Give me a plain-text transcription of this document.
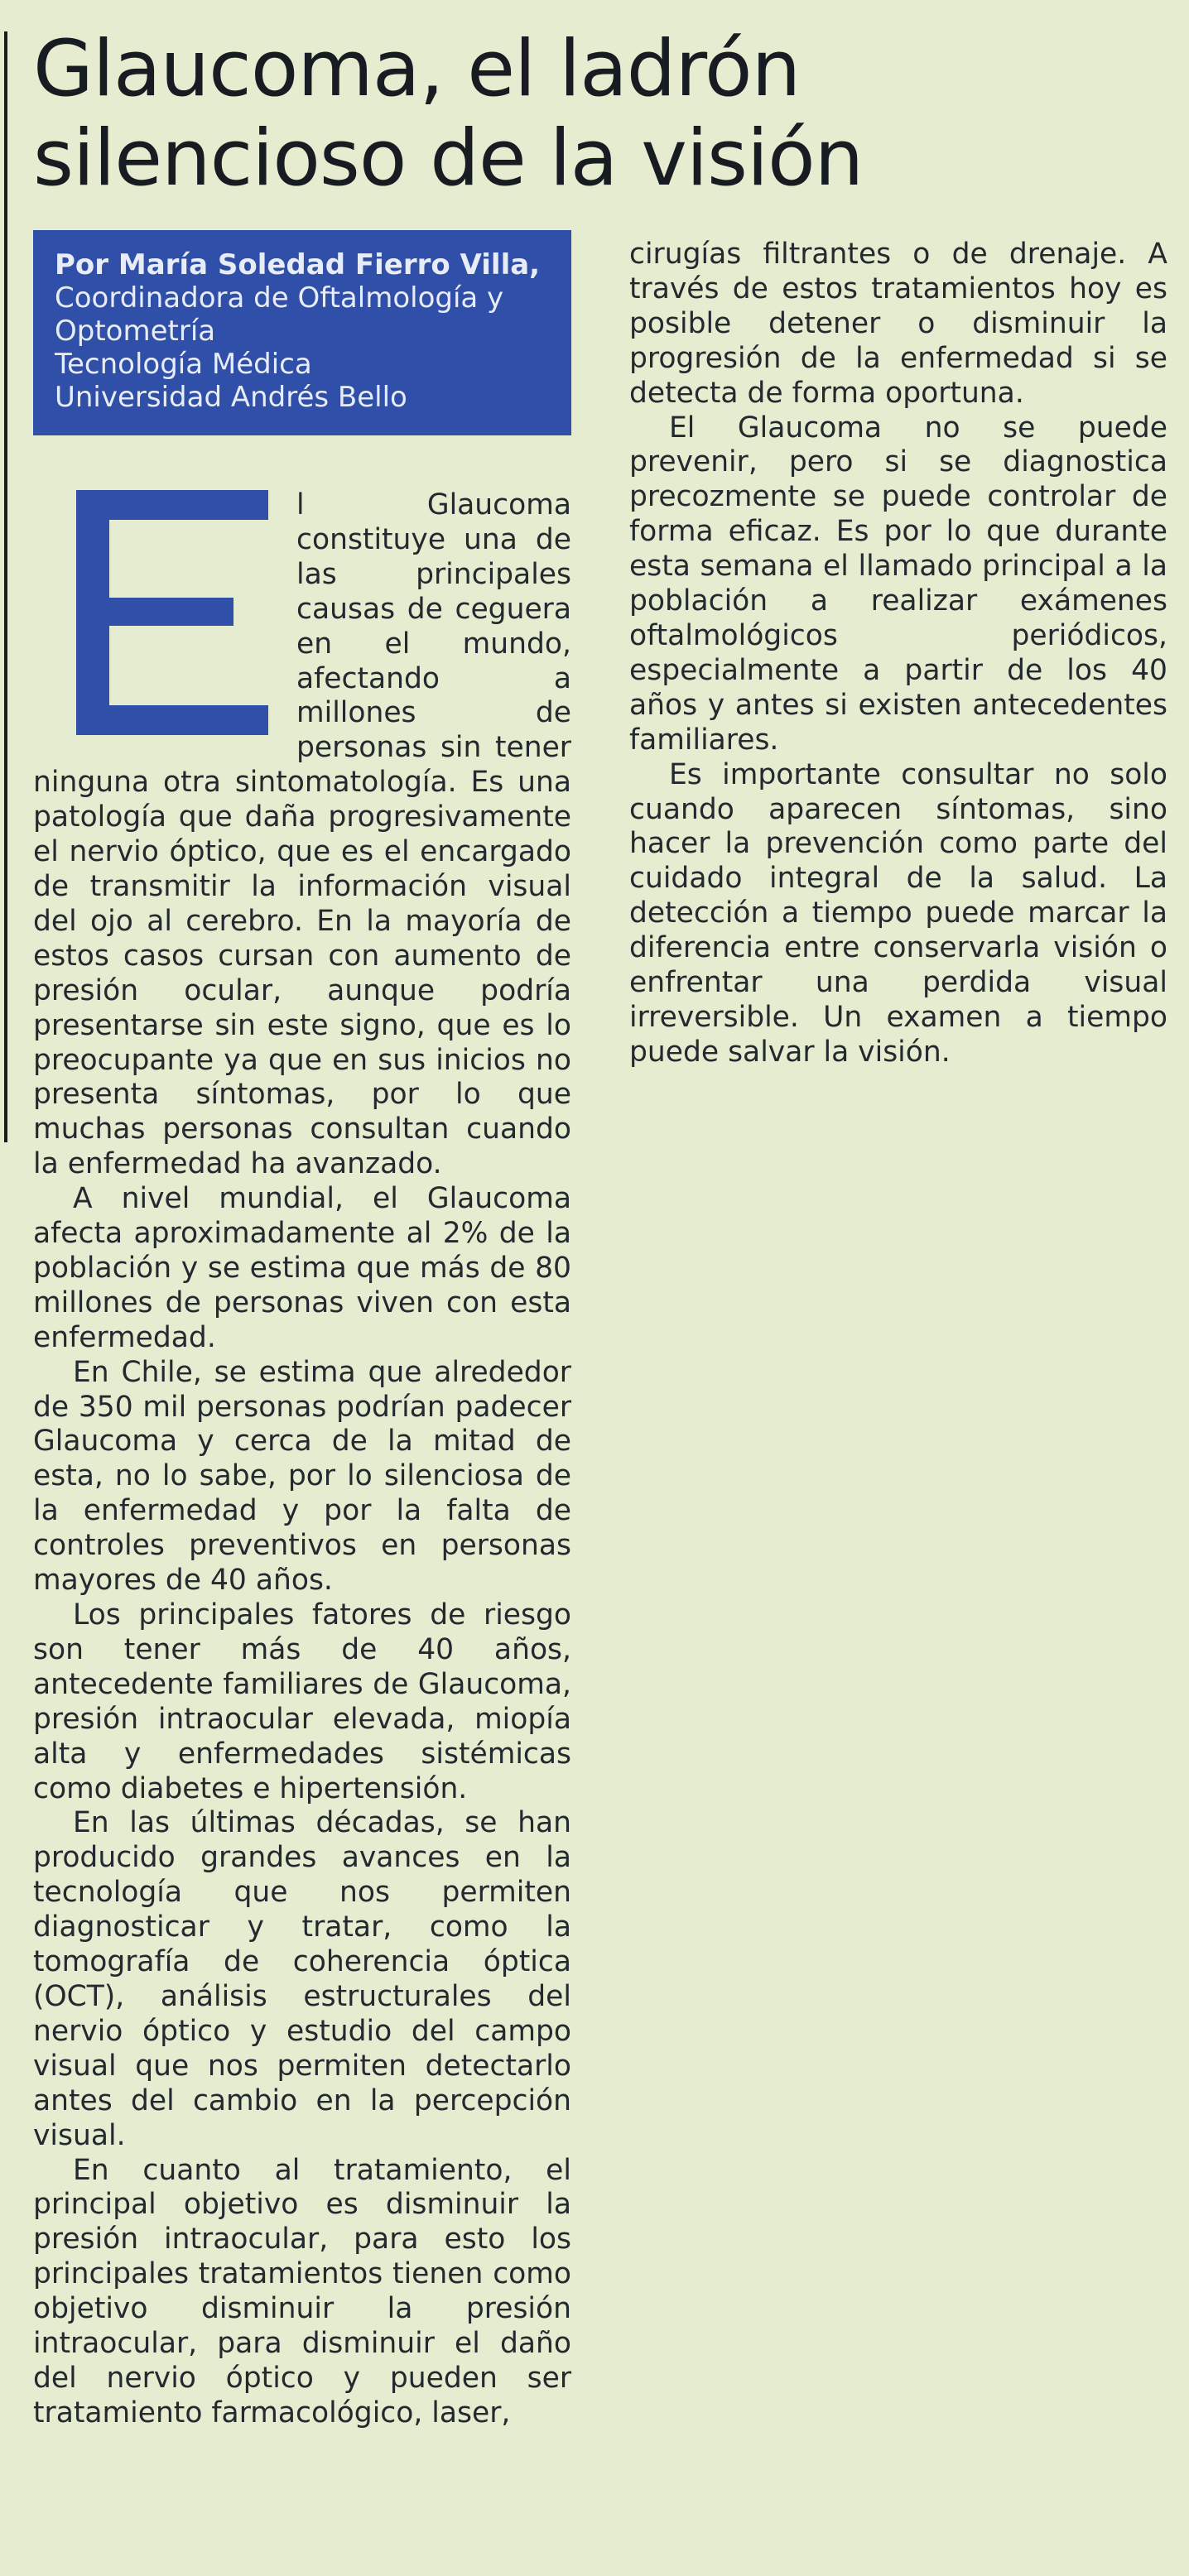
Glaucoma, el ladrón silencioso de la visión
Por María Soledad Fierro Villa,
Coordinadora de Oftalmología y Optometría
Tecnología Médica
Universidad Andrés Bello

l Glaucoma constituye una de las principales causas de ceguera en el mundo, afectando a millones de personas sin tener ninguna otra sintomatología. Es una patología que daña progresivamente el nervio óptico, que es el encargado de transmitir la información visual del ojo al cerebro. En la mayoría de estos casos cursan con aumento de presión ocular, aunque podría presentarse sin este signo, que es lo preocupante ya que en sus inicios no presenta síntomas, por lo que muchas personas consultan cuando la enfermedad ha avanzado.

A nivel mundial, el Glaucoma afecta aproximadamente al 2% de la población y se estima que más de 80 millones de personas viven con esta enfermedad.

En Chile, se estima que alrededor de 350 mil personas podrían padecer Glaucoma y cerca de la mitad de esta, no lo sabe, por lo silenciosa de la enfermedad y por la falta de controles preventivos en personas mayores de 40 años.

Los principales fatores de riesgo son tener más de 40 años, antecedente familiares de Glaucoma, presión intraocular elevada, miopía alta y enfermedades sistémicas como diabetes e hipertensión.

En las últimas décadas, se han producido grandes avances en la tecnología que nos permiten diagnosticar y tratar, como la tomografía de coherencia óptica (OCT), análisis estructurales del nervio óptico y estudio del campo visual que nos permiten detectarlo antes del cambio en la percepción visual.

En cuanto al tratamiento, el principal objetivo es disminuir la presión intraocular, para esto los principales tratamientos tienen como objetivo disminuir la presión intraocular, para disminuir el daño del nervio óptico y pueden ser tratamiento farmacológico, laser,

cirugías filtrantes o de drenaje. A través de estos tratamientos hoy es posible detener o disminuir la progresión de la enfermedad si se detecta de forma oportuna.

El Glaucoma no se puede prevenir, pero si se diagnostica precozmente se puede controlar de forma eficaz. Es por lo que durante esta semana el llamado principal a la población a realizar exámenes oftalmológicos periódicos, especialmente a partir de los 40 años y antes si existen antecedentes familiares.

Es importante consultar no solo cuando aparecen síntomas, sino hacer la prevención como parte del cuidado integral de la salud. La detección a tiempo puede marcar la diferencia entre conservarla visión o enfrentar una perdida visual irreversible. Un examen a tiempo puede salvar la visión.
